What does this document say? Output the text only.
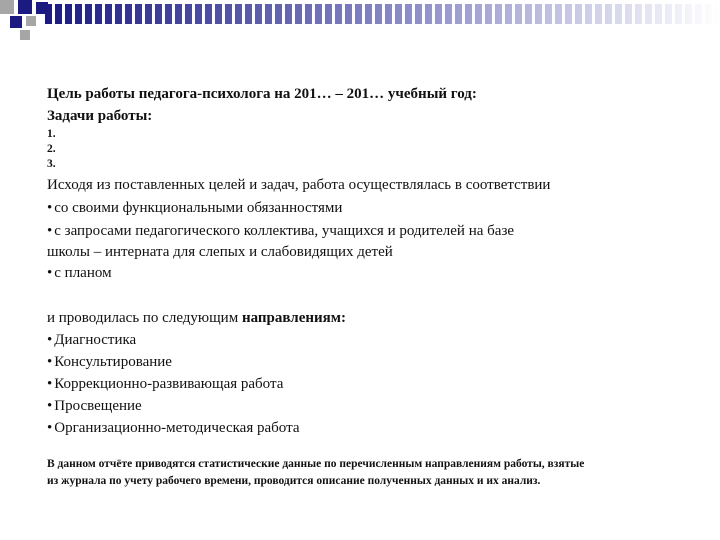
Цель работы педагога-психолога на 201… – 201… учебный год:
Задачи работы:
1.
2.
3.
Исходя из поставленных целей и задач, работа осуществлялась в соответствии
• со своими функциональными обязанностями
• с запросами педагогического коллектива, учащихся и родителей на базе
школы – интерната для слепых и слабовидящих детей
• с планом
и проводилась по следующим направлениям:
• Диагностика
• Консультирование
• Коррекционно-развивающая работа
• Просвещение
• Организационно-методическая работа
В данном отчёте приводятся статистические данные по перечисленным направлениям работы, взятые
из журнала по учету рабочего времени, проводится описание полученных данных и их анализ.
